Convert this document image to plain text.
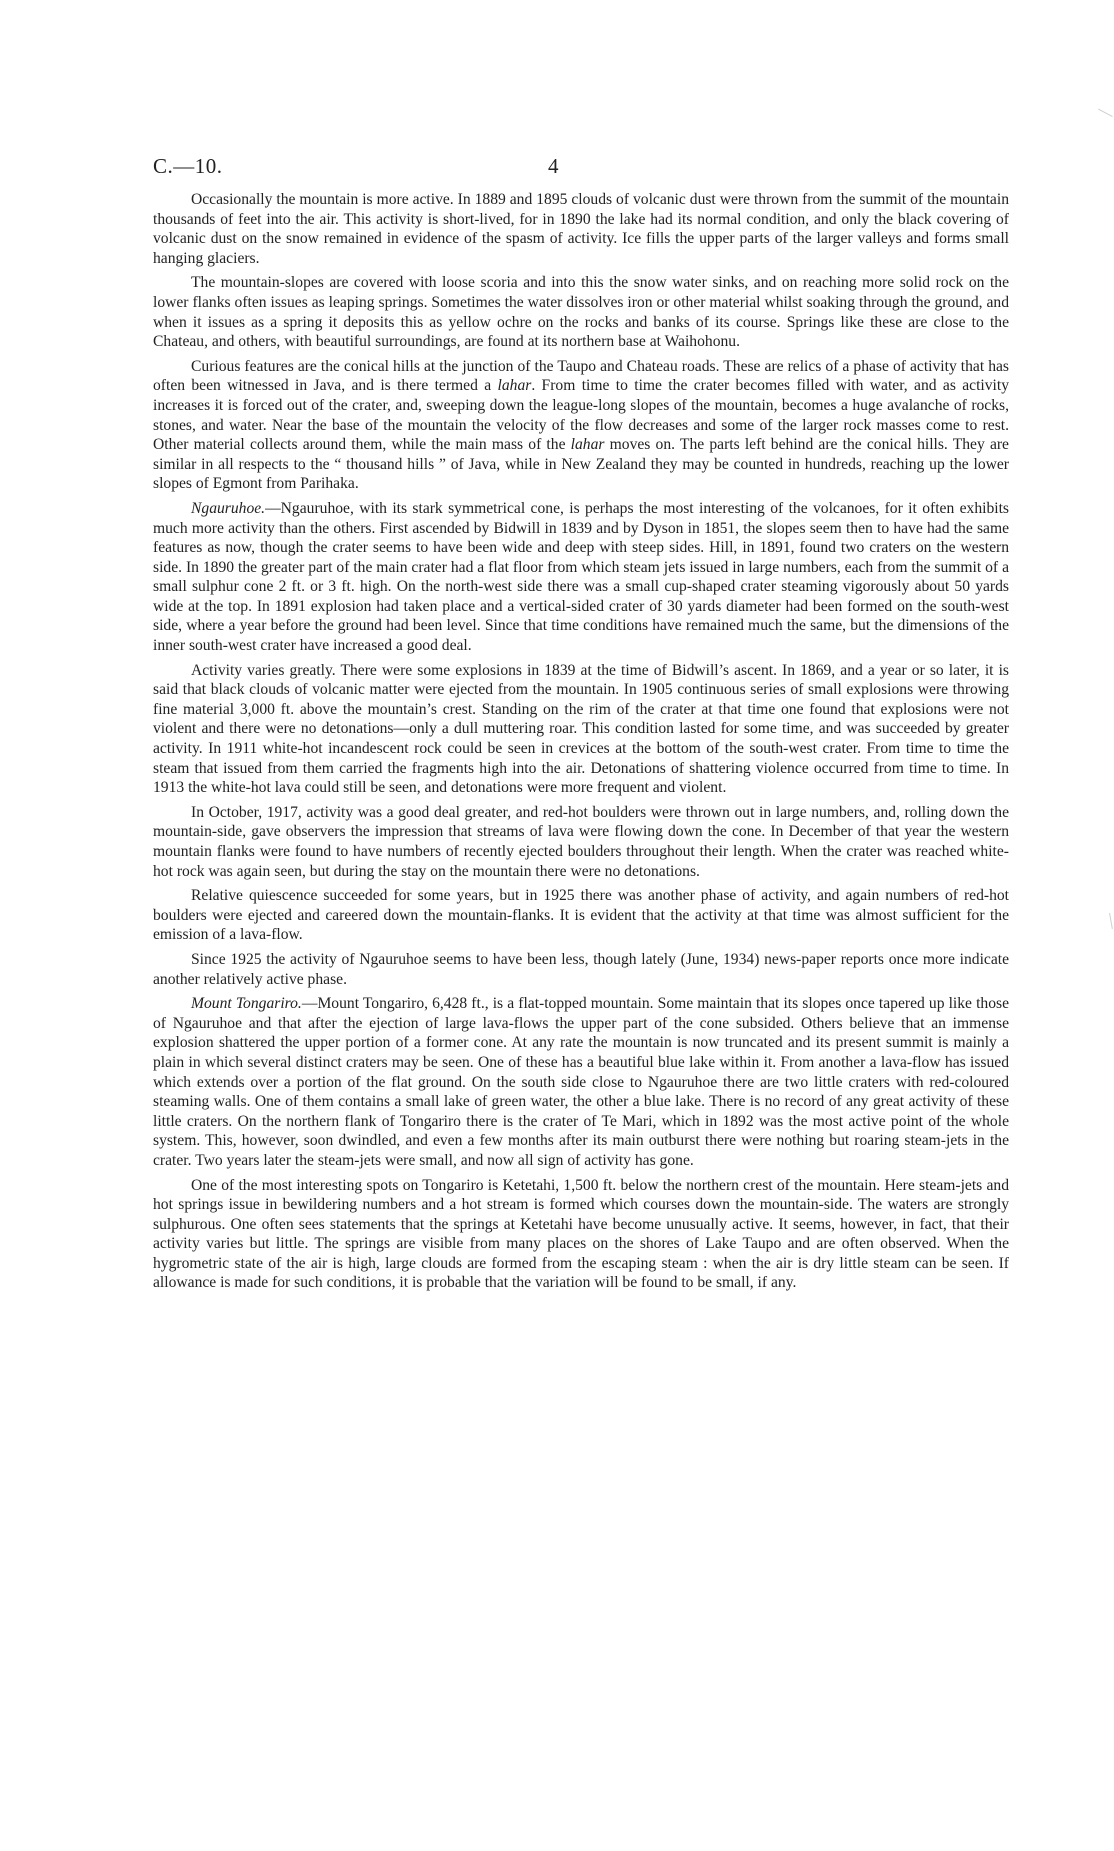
C.—10.	4

Occasionally the mountain is more active. In 1889 and 1895 clouds of volcanic dust were thrown from the summit of the mountain thousands of feet into the air. This activity is short-lived, for in 1890 the lake had its normal condition, and only the black covering of volcanic dust on the snow remained in evidence of the spasm of activity. Ice fills the upper parts of the larger valleys and forms small hanging glaciers.

The mountain-slopes are covered with loose scoria and into this the snow water sinks, and on reaching more solid rock on the lower flanks often issues as leaping springs. Sometimes the water dissolves iron or other material whilst soaking through the ground, and when it issues as a spring it deposits this as yellow ochre on the rocks and banks of its course. Springs like these are close to the Chateau, and others, with beautiful surroundings, are found at its northern base at Waihohonu.

Curious features are the conical hills at the junction of the Taupo and Chateau roads. These are relics of a phase of activity that has often been witnessed in Java, and is there termed a lahar. From time to time the crater becomes filled with water, and as activity increases it is forced out of the crater, and, sweeping down the league-long slopes of the mountain, becomes a huge avalanche of rocks, stones, and water. Near the base of the mountain the velocity of the flow decreases and some of the larger rock masses come to rest. Other material collects around them, while the main mass of the lahar moves on. The parts left behind are the conical hills. They are similar in all respects to the “ thousand hills ” of Java, while in New Zealand they may be counted in hundreds, reaching up the lower slopes of Egmont from Parihaka.

Ngauruhoe.—Ngauruhoe, with its stark symmetrical cone, is perhaps the most interesting of the volcanoes, for it often exhibits much more activity than the others. First ascended by Bidwill in 1839 and by Dyson in 1851, the slopes seem then to have had the same features as now, though the crater seems to have been wide and deep with steep sides. Hill, in 1891, found two craters on the western side. In 1890 the greater part of the main crater had a flat floor from which steam jets issued in large numbers, each from the summit of a small sulphur cone 2 ft. or 3 ft. high. On the north-west side there was a small cup-shaped crater steaming vigorously about 50 yards wide at the top. In 1891 explosion had taken place and a vertical-sided crater of 30 yards diameter had been formed on the south-west side, where a year before the ground had been level. Since that time conditions have remained much the same, but the dimensions of the inner south-west crater have increased a good deal.

Activity varies greatly. There were some explosions in 1839 at the time of Bidwill’s ascent. In 1869, and a year or so later, it is said that black clouds of volcanic matter were ejected from the mountain. In 1905 continuous series of small explosions were throwing fine material 3,000 ft. above the mountain’s crest. Standing on the rim of the crater at that time one found that explosions were not violent and there were no detonations—only a dull muttering roar. This condition lasted for some time, and was succeeded by greater activity. In 1911 white-hot incandescent rock could be seen in crevices at the bottom of the south-west crater. From time to time the steam that issued from them carried the fragments high into the air. Detonations of shattering violence occurred from time to time. In 1913 the white-hot lava could still be seen, and detonations were more frequent and violent.

In October, 1917, activity was a good deal greater, and red-hot boulders were thrown out in large numbers, and, rolling down the mountain-side, gave observers the impression that streams of lava were flowing down the cone. In December of that year the western mountain flanks were found to have numbers of recently ejected boulders throughout their length. When the crater was reached white-hot rock was again seen, but during the stay on the mountain there were no detonations.

Relative quiescence succeeded for some years, but in 1925 there was another phase of activity, and again numbers of red-hot boulders were ejected and careered down the mountain-flanks. It is evident that the activity at that time was almost sufficient for the emission of a lava-flow.

Since 1925 the activity of Ngauruhoe seems to have been less, though lately (June, 1934) news-paper reports once more indicate another relatively active phase.

Mount Tongariro.—Mount Tongariro, 6,428 ft., is a flat-topped mountain. Some maintain that its slopes once tapered up like those of Ngauruhoe and that after the ejection of large lava-flows the upper part of the cone subsided. Others believe that an immense explosion shattered the upper portion of a former cone. At any rate the mountain is now truncated and its present summit is mainly a plain in which several distinct craters may be seen. One of these has a beautiful blue lake within it. From another a lava-flow has issued which extends over a portion of the flat ground. On the south side close to Ngauruhoe there are two little craters with red-coloured steaming walls. One of them contains a small lake of green water, the other a blue lake. There is no record of any great activity of these little craters. On the northern flank of Tongariro there is the crater of Te Mari, which in 1892 was the most active point of the whole system. This, however, soon dwindled, and even a few months after its main outburst there were nothing but roaring steam-jets in the crater. Two years later the steam-jets were small, and now all sign of activity has gone.

One of the most interesting spots on Tongariro is Ketetahi, 1,500 ft. below the northern crest of the mountain. Here steam-jets and hot springs issue in bewildering numbers and a hot stream is formed which courses down the mountain-side. The waters are strongly sulphurous. One often sees statements that the springs at Ketetahi have become unusually active. It seems, however, in fact, that their activity varies but little. The springs are visible from many places on the shores of Lake Taupo and are often observed. When the hygrometric state of the air is high, large clouds are formed from the escaping steam : when the air is dry little steam can be seen. If allowance is made for such conditions, it is probable that the variation will be found to be small, if any.
